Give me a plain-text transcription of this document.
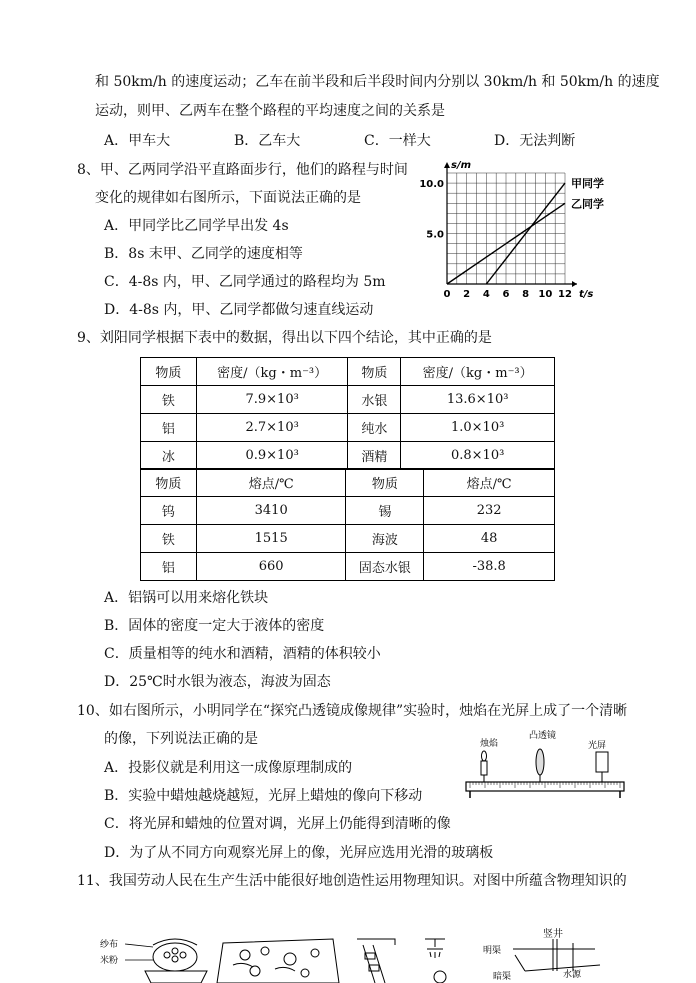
和 50km/h 的速度运动；乙车在前半段和后半段时间内分别以 30km/h 和 50km/h 的速度
运动，则甲、乙两车在整个路程的平均速度之间的关系是
A．甲车大	B．乙车大	C．一样大	D．无法判断
8、甲、乙两同学沿平直路面步行，他们的路程与时间
变化的规律如右图所示，下面说法正确的是
A．甲同学比乙同学早出发 4s
B．8s 末甲、乙同学的速度相等
C．4-8s 内，甲、乙同学通过的路程均为 5m
D．4-8s 内，甲、乙同学都做匀速直线运动
0 2 4 6 8 10 12
5.0
10.0
t/s
s/m
甲同学
乙同学
9、刘阳同学根据下表中的数据，得出以下四个结论，其中正确的是
物质	密度/（kg・m⁻³）	物质	密度/（kg・m⁻³）
铁	7.9×10³	水银	13.6×10³
铝	2.7×10³	纯水	1.0×10³
冰	0.9×10³	酒精	0.8×10³
物质	熔点/℃	物质	熔点/℃
钨	3410	锡	232
铁	1515	海波	48
铝	660	固态水银	-38.8
A．铝锅可以用来熔化铁块
B．固体的密度一定大于液体的密度
C．质量相等的纯水和酒精，酒精的体积较小
D．25℃时水银为液态，海波为固态
10、如右图所示，小明同学在“探究凸透镜成像规律”实验时，烛焰在光屏上成了一个清晰
的像，下列说法正确的是
A．投影仪就是利用这一成像原理制成的
B．实验中蜡烛越烧越短，光屏上蜡烛的像向下移动
C．将光屏和蜡烛的位置对调，光屏上仍能得到清晰的像
D．为了从不同方向观察光屏上的像，光屏应选用光滑的玻璃板
烛焰
凸透镜
光屏
11、我国劳动人民在生产生活中能很好地创造性运用物理知识。对图中所蕴含物理知识的
纱布
米粉
竖井
明渠
暗渠	水源
